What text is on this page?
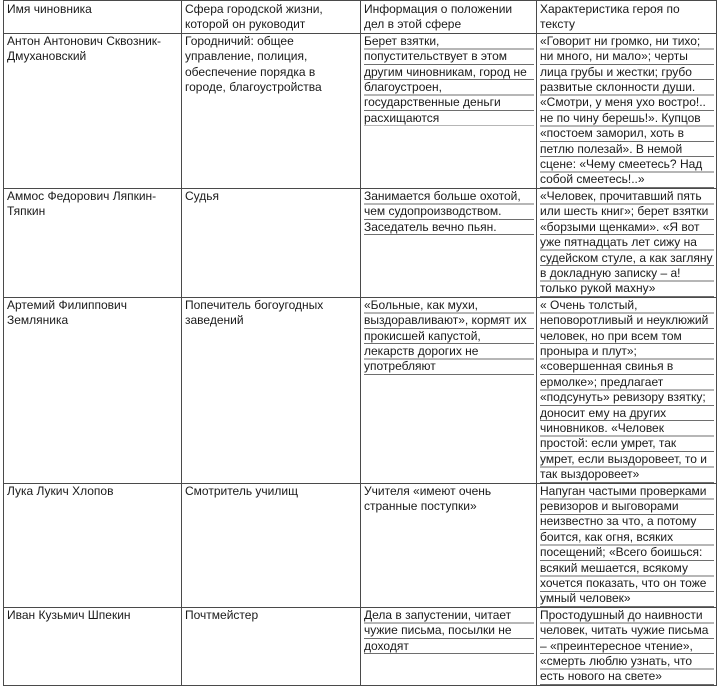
Имя чиновника	Сфера городской жизни, которой он руководит	Информация о положении дел в этой сфере	Характеристика героя по тексту

Антон Антонович Сквозник-Дмухановский	Городничий: общее управление, полиция, обеспечение порядка в городе, благоустройства	Берет взятки, попустительствует в этом другим чиновникам, город не благоустроен, государственные деньги расхищаются	«Говорит ни громко, ни тихо; ни много, ни мало»; черты лица грубы и жестки; грубо развитые склонности души. «Смотри, у меня ухо востро!.. не по чину берешь!». Купцов «постоем заморил, хоть в петлю полезай». В немой сцене: «Чему смеетесь? Над собой смеетесь!..»

Аммос Федорович Ляпкин-Тяпкин	Судья	Занимается больше охотой, чем судопроизводством. Заседатель вечно пьян.	«Человек, прочитавший пять или шесть книг»; берет взятки «борзыми щенками». «Я вот уже пятнадцать лет сижу на судейском стуле, а как загляну в докладную записку – а! только рукой махну»

Артемий Филиппович Земляника	Попечитель богоугодных заведений	«Больные, как мухи, выздоравливают», кормят их прокисшей капустой, лекарств дорогих не употребляют	« Очень толстый, неповоротливый и неуклюжий человек, но при всем том проныра и плут»; «совершенная свинья в ермолке»; предлагает «подсунуть» ревизору взятку; доносит ему на других чиновников. «Человек простой: если умрет, так умрет, если выздоровеет, то и так выздоровеет»

Лука Лукич Хлопов	Смотритель училищ	Учителя «имеют очень странные поступки»	Напуган частыми проверками ревизоров и выговорами неизвестно за что, а потому боится, как огня, всяких посещений; «Всего боишься: всякий мешается, всякому хочется показать, что он тоже умный человек»

Иван Кузьмич Шпекин	Почтмейстер	Дела в запустении, читает чужие письма, посылки не доходят	Простодушный до наивности человек, читать чужие письма – «преинтересное чтение», «смерть люблю узнать, что есть нового на свете»
